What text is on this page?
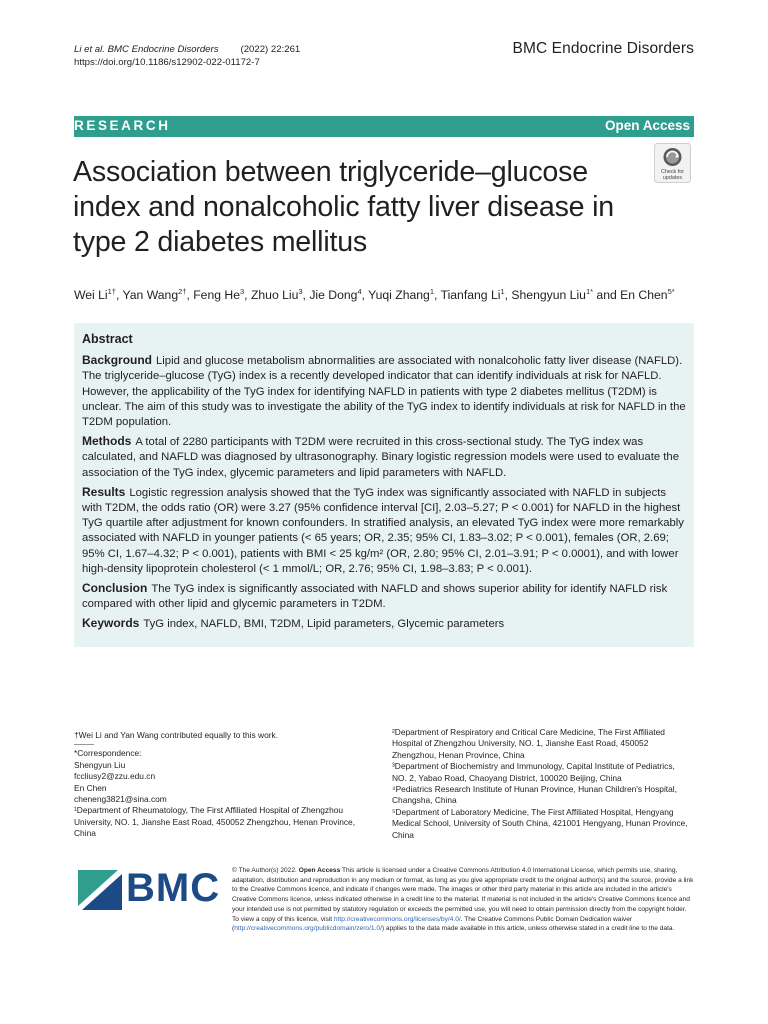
Li et al. BMC Endocrine Disorders (2022) 22:261
https://doi.org/10.1186/s12902-022-01172-7
BMC Endocrine Disorders
RESEARCH	Open Access
Association between triglyceride–glucose index and nonalcoholic fatty liver disease in type 2 diabetes mellitus
Check for
updates
Wei $Li^{1\dagger}$, Yan Wang$^{2\dagger}$, Feng He$^3$, Zhuo Liu$^3$, Jie Dong$^4$, Yuqi Zhang$^1$, Tianfang Li$^1$, Shengyun Liu$^{1*}$ and En Chen$^{5*}$
Abstract

Background Lipid and glucose metabolism abnormalities are associated with nonalcoholic fatty liver disease (NAFLD). The triglyceride–glucose (TyG) index is a recently developed indicator that can identify individuals at risk for NAFLD. However, the applicability of the TyG index for identifying NAFLD in patients with type 2 diabetes mellitus (T2DM) is unclear. The aim of this study was to investigate the ability of the TyG index to identify individuals at risk for NAFLD in the T2DM population.

Methods A total of 2280 participants with T2DM were recruited in this cross-sectional study. The TyG index was calculated, and NAFLD was diagnosed by ultrasonography. Binary logistic regression models were used to evaluate the association of the TyG index, glycemic parameters and lipid parameters with NAFLD.

Results Logistic regression analysis showed that the TyG index was significantly associated with NAFLD in subjects with T2DM, the odds ratio (OR) were 3.27 (95% confidence interval [CI], 2.03–5.27; P < 0.001) for NAFLD in the highest TyG quartile after adjustment for known confounders. In stratified analysis, an elevated TyG index were more remarkably associated with NAFLD in younger patients (< 65 years; OR, 2.35; 95% CI, 1.83–3.02; P < 0.001), females (OR, 2.69; 95% CI, 1.67–4.32; P < 0.001), patients with BMI < 25 kg/m² (OR, 2.80; 95% CI, 2.01–3.91; P < 0.0001), and with lower high-density lipoprotein cholesterol (< 1 mmol/L; OR, 2.76; 95% CI, 1.98–3.83; P < 0.001).

Conclusion The TyG index is significantly associated with NAFLD and shows superior ability for identify NAFLD risk compared with other lipid and glycemic parameters in T2DM.

Keywords TyG index, NAFLD, BMI, T2DM, Lipid parameters, Glycemic parameters

†Wei Li and Yan Wang contributed equally to this work.

*Correspondence:

Shengyun Liu

fccliusy2@zzu.edu.cn

En Chen

cheneng3821@sina.com

¹Department of Rheumatology, The First Affiliated Hospital of Zhengzhou University, NO. 1, Jianshe East Road, 450052 Zhengzhou, Henan Province, China

²Department of Respiratory and Critical Care Medicine, The First Affiliated Hospital of Zhengzhou University, NO. 1, Jianshe East Road, 450052 Zhengzhou, Henan Province, China

³Department of Biochemistry and Immunology, Capital Institute of Pediatrics, NO. 2, Yabao Road, Chaoyang District, 100020 Beijing, China

⁴Pediatrics Research Institute of Hunan Province, Hunan Children's Hospital, Changsha, China

⁵Department of Laboratory Medicine, The First Affiliated Hospital, Hengyang Medical School, University of South China, 421001 Hengyang, Hunan Province, China

BMC © The Author(s) 2022. Open Access This article is licensed under a Creative Commons Attribution 4.0 International License, which permits use, sharing, adaptation, distribution and reproduction in any medium or format, as long as you give appropriate credit to the original author(s) and the source, provide a link to the Creative Commons licence, and indicate if changes were made. The images or other third party material in this article are included in the article's Creative Commons licence, unless indicated otherwise in a credit line to the material. If material is not included in the article's Creative Commons licence and your intended use is not permitted by statutory regulation or exceeds the permitted use, you will need to obtain permission directly from the copyright holder. To view a copy of this licence, visit http://creativecommons.org/licenses/by/4.0/. The Creative Commons Public Domain Dedication waiver (http://creativecommons.org/publicdomain/zero/1.0/) applies to the data made available in this article, unless otherwise stated in a credit line to the data.
